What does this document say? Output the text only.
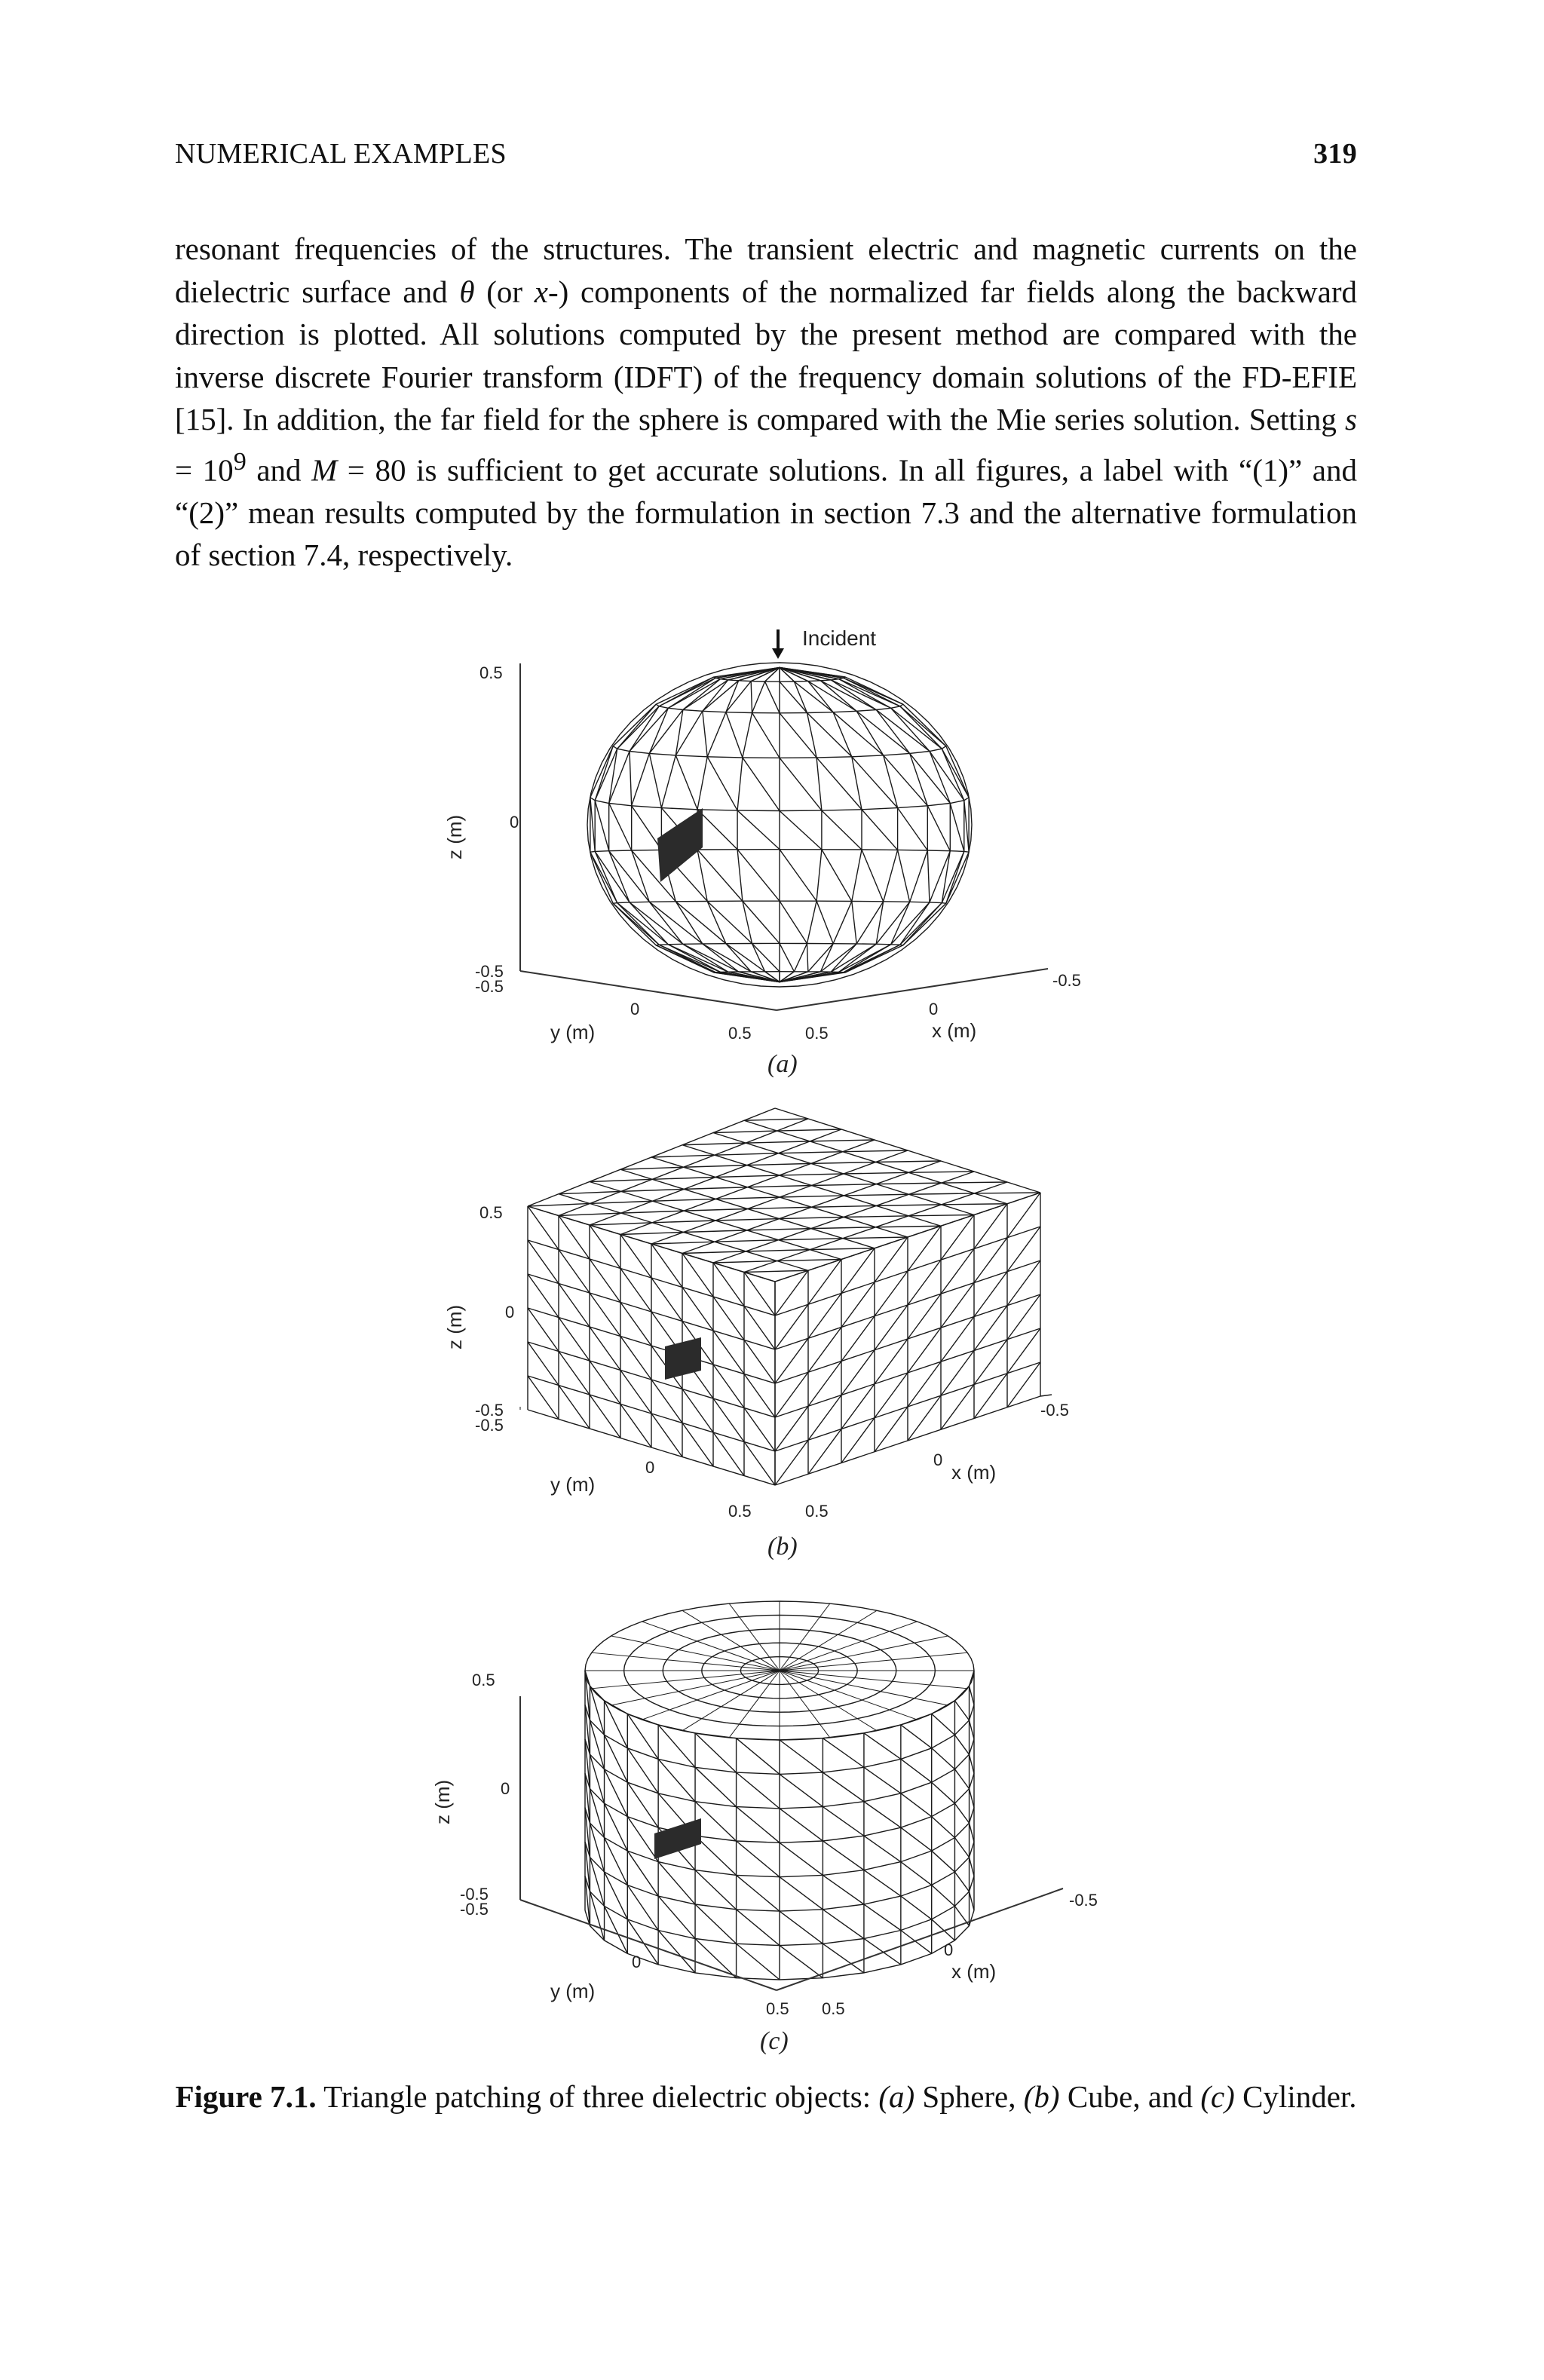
NUMERICAL EXAMPLES	319

resonant frequencies of the structures. The transient electric and magnetic currents on the dielectric surface and θ (or x-) components of the normalized far fields along the backward direction is plotted. All solutions computed by the present method are compared with the inverse discrete Fourier transform (IDFT) of the frequency domain solutions of the FD-EFIE [15]. In addition, the far field for the sphere is compared with the Mie series solution. Setting $s = 10^9$ and M = 80 is sufficient to get accurate solutions. In all figures, a label with “(1)” and “(2)” mean results computed by the formulation in section 7.3 and the alternative formulation of section 7.4, respectively.

Incident
0.5
0
-0.5
-0.5
z (m)
y (m)
0
0.5	0.5
0
-0.5
x (m)
(a)
0.5
0
-0.5
-0.5
z (m)
y (m)
0
0.5	0.5
0
-0.5
x (m)
(b)
0.5
0
-0.5
-0.5
z (m)
y (m)
0
0.5 0.5
0
-0.5
x (m)
(c)
Figure 7.1. Triangle patching of three dielectric objects: (a) Sphere, (b) Cube, and (c) Cylinder.
